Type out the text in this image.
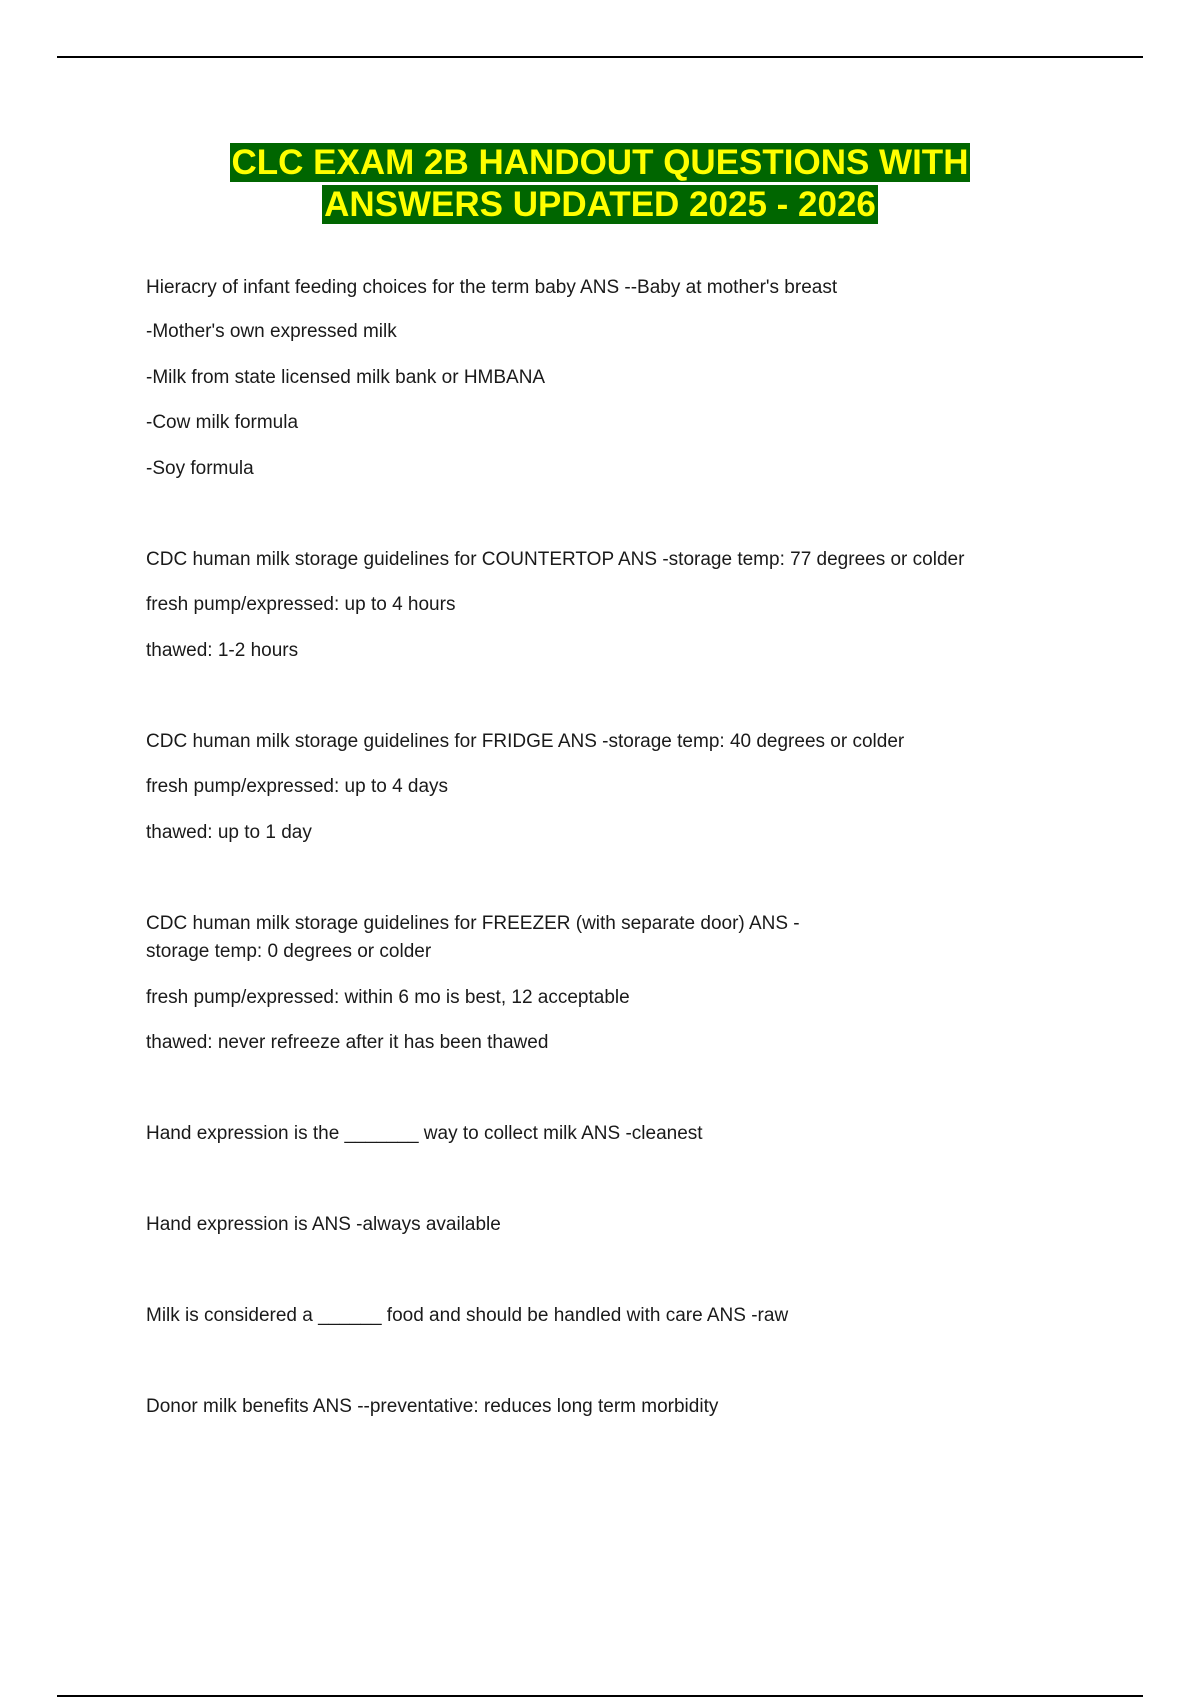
CLC EXAM 2B HANDOUT QUESTIONS WITH
ANSWERS UPDATED 2025 - 2026
Hieracry of infant feeding choices for the term baby ANS --Baby at mother's breast
-Mother's own expressed milk
-Milk from state licensed milk bank or HMBANA
-Cow milk formula
-Soy formula
CDC human milk storage guidelines for COUNTERTOP ANS -storage temp: 77 degrees or colder
fresh pump/expressed: up to 4 hours
thawed: 1-2 hours
CDC human milk storage guidelines for FRIDGE ANS -storage temp: 40 degrees or colder
fresh pump/expressed: up to 4 days
thawed: up to 1 day
CDC human milk storage guidelines for FREEZER (with separate door) ANS -
storage temp: 0 degrees or colder
fresh pump/expressed: within 6 mo is best, 12 acceptable
thawed: never refreeze after it has been thawed
Hand expression is the _______ way to collect milk ANS -cleanest
Hand expression is ANS -always available
Milk is considered a ______ food and should be handled with care ANS -raw
Donor milk benefits ANS --preventative: reduces long term morbidity
